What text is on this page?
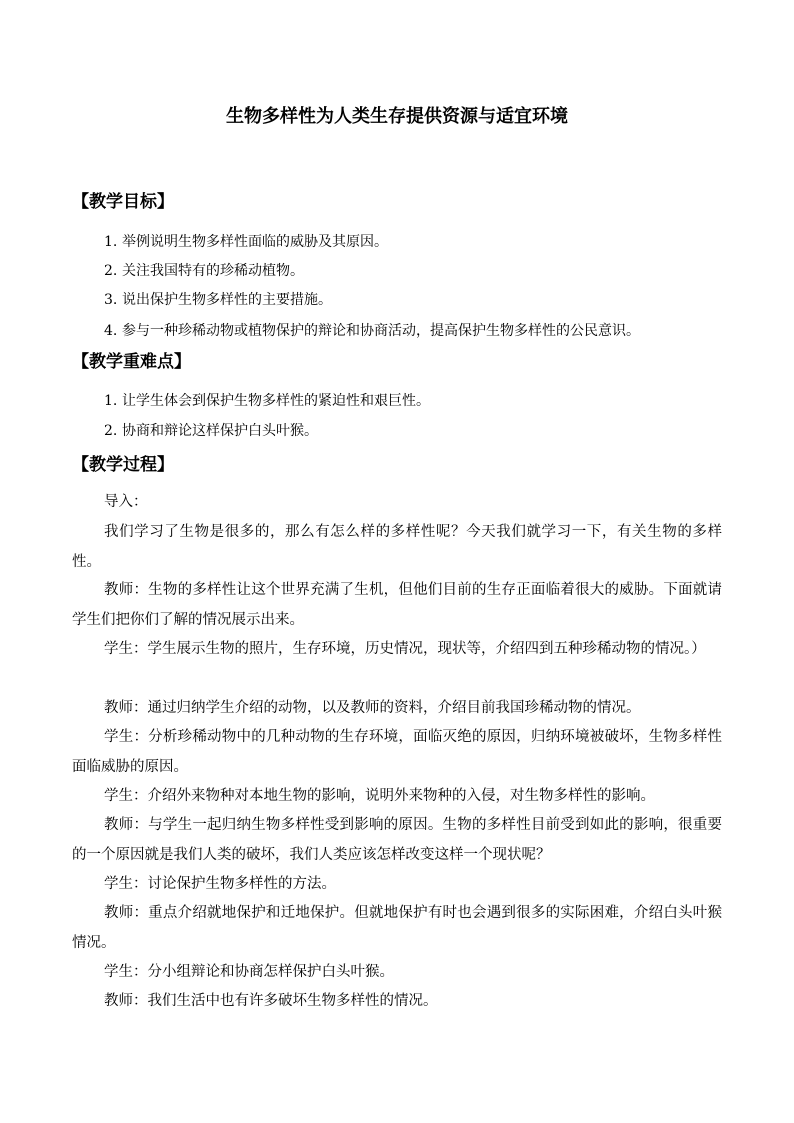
生物多样性为人类生存提供资源与适宜环境
【教学目标】
1. 举例说明生物多样性面临的威胁及其原因。
2. 关注我国特有的珍稀动植物。
3. 说出保护生物多样性的主要措施。
4. 参与一种珍稀动物或植物保护的辩论和协商活动，提高保护生物多样性的公民意识。
【教学重难点】
1. 让学生体会到保护生物多样性的紧迫性和艰巨性。
2. 协商和辩论这样保护白头叶猴。
【教学过程】
导入：
我们学习了生物是很多的，那么有怎么样的多样性呢？今天我们就学习一下，有关生物的多样性。
教师：生物的多样性让这个世界充满了生机，但他们目前的生存正面临着很大的威胁。下面就请学生们把你们了解的情况展示出来。
学生：学生展示生物的照片，生存环境，历史情况，现状等，介绍四到五种珍稀动物的情况。）
教师：通过归纳学生介绍的动物，以及教师的资料，介绍目前我国珍稀动物的情况。
学生：分析珍稀动物中的几种动物的生存环境，面临灭绝的原因，归纳环境被破坏，生物多样性面临威胁的原因。
学生：介绍外来物种对本地生物的影响，说明外来物种的入侵，对生物多样性的影响。
教师：与学生一起归纳生物多样性受到影响的原因。生物的多样性目前受到如此的影响，很重要的一个原因就是我们人类的破坏，我们人类应该怎样改变这样一个现状呢？
学生：讨论保护生物多样性的方法。
教师：重点介绍就地保护和迁地保护。但就地保护有时也会遇到很多的实际困难，介绍白头叶猴情况。
学生：分小组辩论和协商怎样保护白头叶猴。
教师：我们生活中也有许多破坏生物多样性的情况。
